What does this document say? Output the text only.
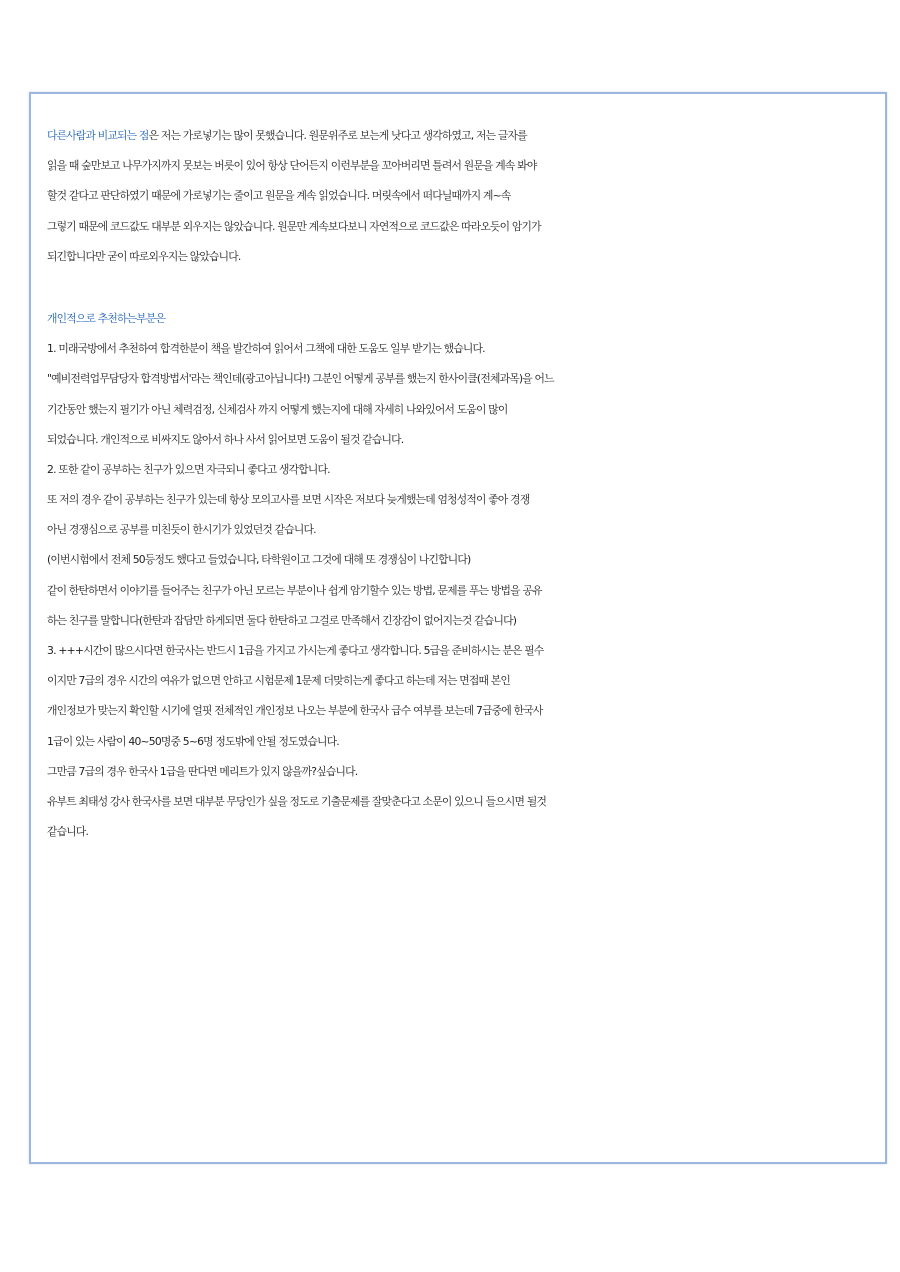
다른사람과 비교되는 점은 저는 가로넣기는 많이 못했습니다. 원문위주로 보는게 낫다고 생각하였고, 저는 글자를
읽을 때 숲만보고 나무가지까지 못보는 버릇이 있어 항상 단어든지 이런부분을 꼬아버리면 틀려서 원문을 계속 봐야
할것 같다고 판단하였기 때문에 가로넣기는 줄이고 원문을 계속 읽었습니다. 머릿속에서 떠다닐때까지 계~속
그렇기 때문에 코드값도 대부분 외우지는 않았습니다. 원문만 계속보다보니 자연적으로 코드값은 따라오듯이 암기가
되긴합니다만 굳이 따로외우지는 않았습니다.
개인적으로 추천하는부분은
1. 미래국방에서 추천하여 합격한분이 책을 발간하여 읽어서 그책에 대한 도움도 일부 받기는 했습니다.
"예비전력업무담당자 합격방법서'라는 책인데(광고아닙니다!) 그분인 어떻게 공부를 했는지 한사이클(전체과목)을 어느
기간동안 했는지 필기가 아닌 체력검정, 신체검사 까지 어떻게 했는지에 대해 자세히 나와있어서 도움이 많이
되었습니다. 개인적으로 비싸지도 않아서 하나 사서 읽어보면 도움이 될것 같습니다.
2. 또한 같이 공부하는 친구가 있으면 자극되니 좋다고 생각합니다.
또 저의 경우 같이 공부하는 친구가 있는데 항상 모의고사를 보면 시작은 저보다 늦게했는데 엄청성적이 좋아 경쟁
아닌 경쟁심으로 공부를 미친듯이 한시기가 있었던것 같습니다.
(이번시험에서 전체 50등정도 했다고 들었습니다, 타학원이고 그것에 대해 또 경쟁심이 나긴합니다)
같이 한탄하면서 이야기를 들어주는 친구가 아닌 모르는 부분이나 쉽게 암기할수 있는 방법, 문제를 푸는 방법을 공유
하는 친구를 말합니다(한탄과 잡담만 하게되면 둘다 한탄하고 그걸로 만족해서 긴장감이 없어지는것 같습니다)
3. +++시간이 많으시다면 한국사는 반드시 1급을 가지고 가시는게 좋다고 생각합니다. 5급을 준비하시는 분은 필수
이지만 7급의 경우 시간의 여유가 없으면 안하고 시험문제 1문제 더맞히는게 좋다고 하는데 저는 면접때 본인
개인정보가 맞는지 확인할 시기에 얼핏 전체적인 개인정보 나오는 부분에 한국사 급수 여부를 보는데 7급중에 한국사
1급이 있는 사람이 40~50명중 5~6명 정도밖에 안될 정도였습니다.
그만큼 7급의 경우 한국사 1급을 딴다면 메리트가 있지 않을까?싶습니다.
유부트 최태성 강사 한국사를 보면 대부분 무당인가 싶을 정도로 기출문제를 잘맞춘다고 소문이 있으니 들으시면 될것
같습니다.
